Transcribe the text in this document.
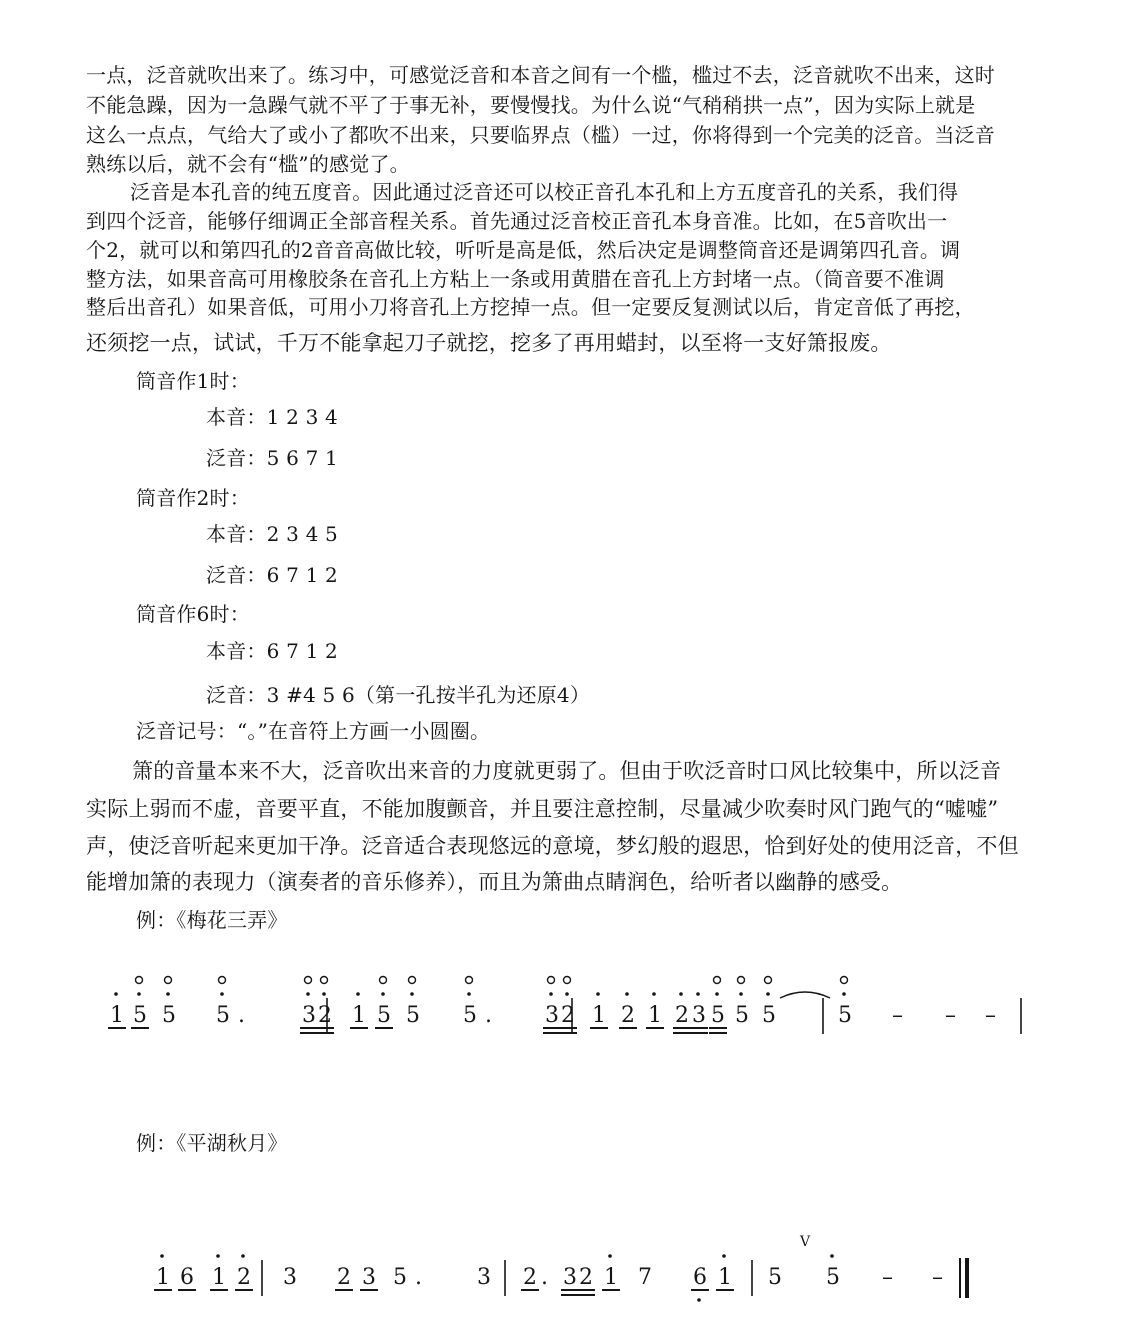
一点，泛音就吹出来了。练习中，可感觉泛音和本音之间有一个槛，槛过不去，泛音就吹不出来，这时
不能急躁，因为一急躁气就不平了于事无补，要慢慢找。为什么说“气稍稍拱一点”，因为实际上就是
这么一点点，气给大了或小了都吹不出来，只要临界点（槛）一过，你将得到一个完美的泛音。当泛音
熟练以后，就不会有“槛”的感觉了。
泛音是本孔音的纯五度音。因此通过泛音还可以校正音孔本孔和上方五度音孔的关系，我们得
到四个泛音，能够仔细调正全部音程关系。首先通过泛音校正音孔本身音准。比如，在5音吹出一
个2，就可以和第四孔的2音音高做比较，听听是高是低，然后决定是调整筒音还是调第四孔音。调
整方法，如果音高可用橡胶条在音孔上方粘上一条或用黄腊在音孔上方封堵一点。（筒音要不准调
整后出音孔）如果音低，可用小刀将音孔上方挖掉一点。但一定要反复测试以后，肯定音低了再挖，
还须挖一点，试试，千万不能拿起刀子就挖，挖多了再用蜡封，以至将一支好箫报废。
筒音作1时：
本音：1 2 3 4
泛音：5 6 7 1
筒音作2时：
本音：2 3 4 5
泛音：6 7 1 2
筒音作6时：
本音：6 7 1 2
泛音：3 #4 5 6（第一孔按半孔为还原4）
泛音记号：“。”在音符上方画一小圆圈。
箫的音量本来不大，泛音吹出来音的力度就更弱了。但由于吹泛音时口风比较集中，所以泛音
实际上弱而不虚，音要平直，不能加腹颤音，并且要注意控制，尽量减少吹奏时风门跑气的“嘘嘘”
声，使泛音听起来更加干净。泛音适合表现悠远的意境，梦幻般的遐思，恰到好处的使用泛音，不但
能增加箫的表现力（演奏者的音乐修养），而且为箫曲点睛润色，给听者以幽静的感受。
例：《梅花三弄》
1 5 5 5 .	3 2 1 5 5 5 . 3 2 1 2 1 2 3 5 5 5	5 – – –
例：《平湖秋月》
1 6 1 2 3 2 3 5 .	3 2 . 3 2 1 7 6 1 5 5 – –
V
